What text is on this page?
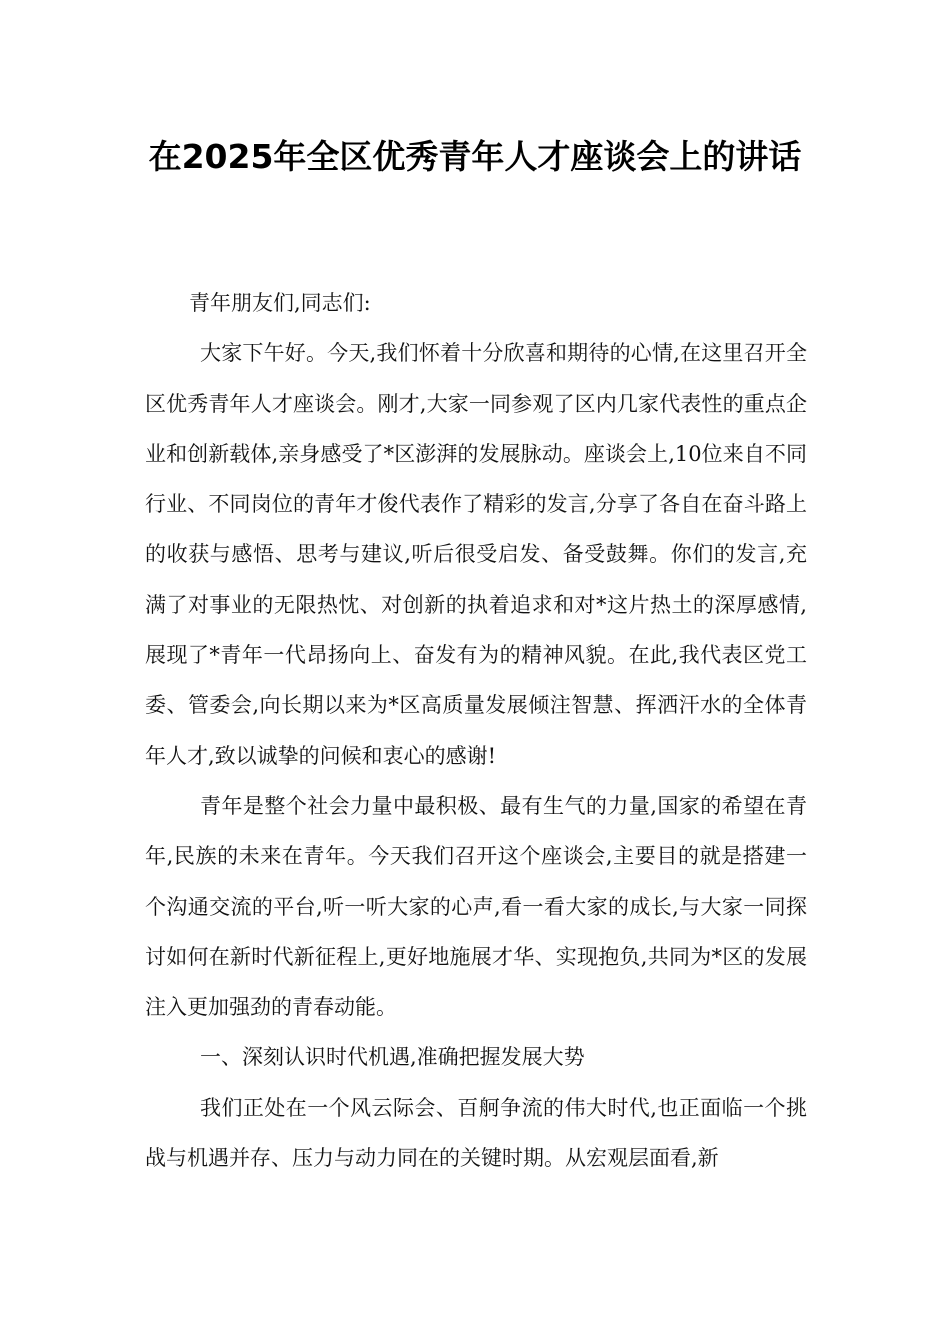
在2025年全区优秀青年人才座谈会上的讲话

青年朋友们,同志们:

大家下午好。今天,我们怀着十分欣喜和期待的心情,在这里召开全区优秀青年人才座谈会。刚才,大家一同参观了区内几家代表性的重点企业和创新载体,亲身感受了*区澎湃的发展脉动。座谈会上,10位来自不同行业、不同岗位的青年才俊代表作了精彩的发言,分享了各自在奋斗路上的收获与感悟、思考与建议,听后很受启发、备受鼓舞。你们的发言,充满了对事业的无限热忱、对创新的执着追求和对*这片热土的深厚感情,展现了*青年一代昂扬向上、奋发有为的精神风貌。在此,我代表区党工委、管委会,向长期以来为*区高质量发展倾注智慧、挥洒汗水的全体青年人才,致以诚挚的问候和衷心的感谢!

青年是整个社会力量中最积极、最有生气的力量,国家的希望在青年,民族的未来在青年。今天我们召开这个座谈会,主要目的就是搭建一个沟通交流的平台,听一听大家的心声,看一看大家的成长,与大家一同探讨如何在新时代新征程上,更好地施展才华、实现抱负,共同为*区的发展注入更加强劲的青春动能。

一、深刻认识时代机遇,准确把握发展大势

我们正处在一个风云际会、百舸争流的伟大时代,也正面临一个挑战与机遇并存、压力与动力同在的关键时期。从宏观层面看,新
